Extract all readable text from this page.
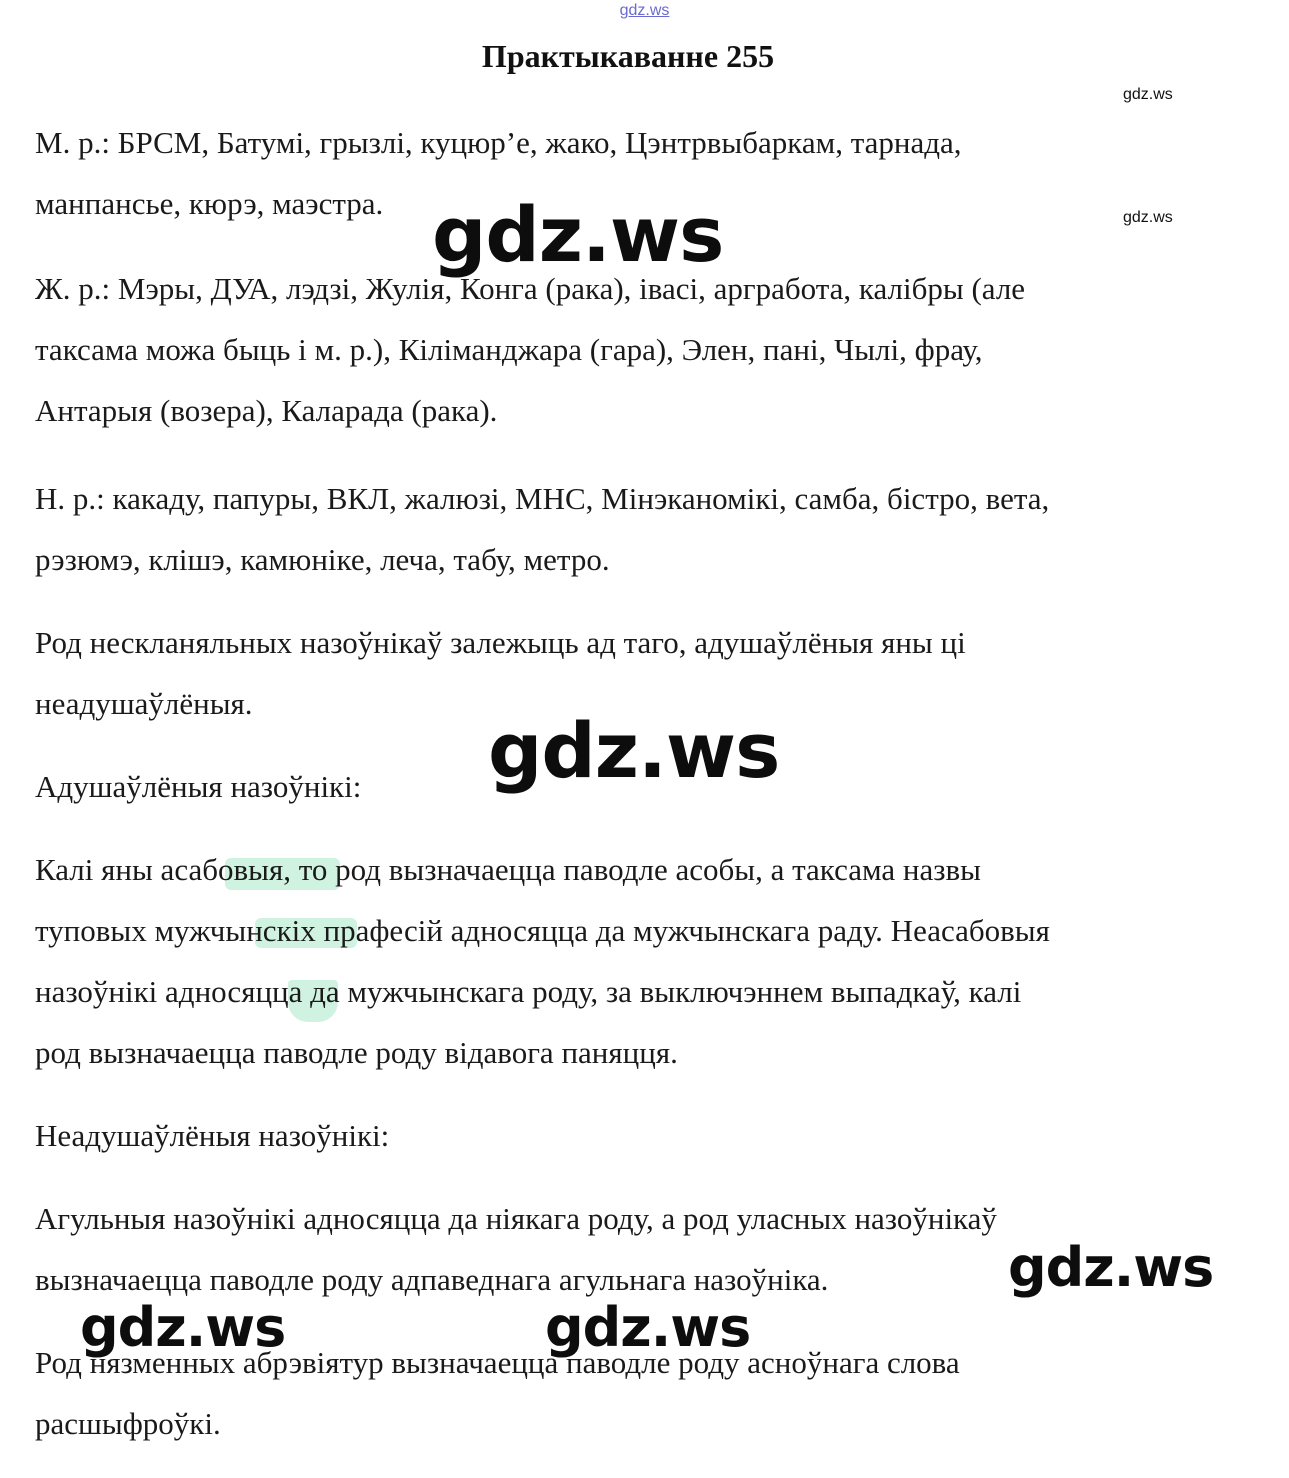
gdz.ws
Практыкаванне 255

М. р.: БРСМ, Батумі, грызлі, куцюр’е, жако, Цэнтрвыбаркам, тарнада,
манпансье, кюрэ, маэстра.

Ж. р.: Мэры, ДУА, лэдзі, Жулія, Конга (рака), івасі, аргработа, калібры (але
таксама можа быць і м. р.), Кіліманджара (гара), Элен, пані, Чылі, фрау,
Антарыя (возера), Каларада (рака).

Н. р.: какаду, папуры, ВКЛ, жалюзі, МНС, Мінэканомікі, самба, бістро, вета,
рэзюмэ, клішэ, камюніке, леча, табу, метро.

Род нескланяльных назоўнікаў залежыць ад таго, адушаўлёныя яны ці
неадушаўлёныя.

Адушаўлёныя назоўнікі:

Калі яны асабовыя, то род вызначаецца паводле асобы, а таксама назвы
туповых мужчынскіх прафесій адносяцца да мужчынскага раду. Неасабовыя
назоўнікі адносяцца да мужчынскага роду, за выключэннем выпадкаў, калі
род вызначаецца паводле роду відавога паняцця.

Неадушаўлёныя назоўнікі:

Агульныя назоўнікі адносяцца да ніякага роду, а род уласных назоўнікаў
вызначаецца паводле роду адпаведнага агульнага назоўніка.

Род нязменных абрэвіятур вызначаецца паводле роду асноўнага слова
расшыфроўкі.

gdz.ws
gdz.ws
gdz.ws
gdz.ws
gdz.ws
gdz.ws	gdz.ws
